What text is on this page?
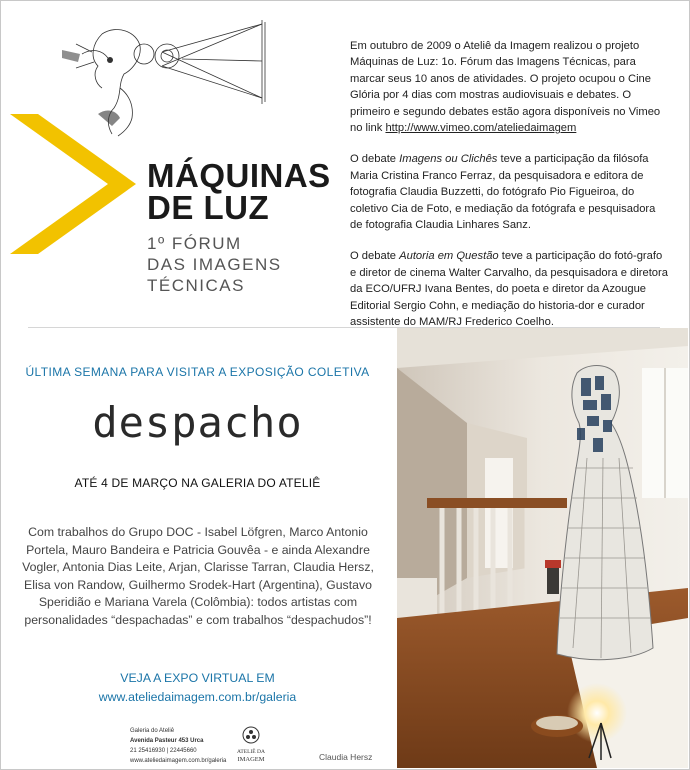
MÁQUINAS
DE LUZ
1º FÓRUM
DAS IMAGENS
TÉCNICAS

Em outubro de 2009 o Ateliê da Imagem realizou o projeto Máquinas de Luz: 1o. Fórum das Imagens Técnicas, para marcar seus 10 anos de atividades. O projeto ocupou o Cine Glória por 4 dias com mostras audiovisuais e debates. O primeiro e segundo debates estão agora disponíveis no Vimeo no link http://www.vimeo.com/ateliedaimagem

O debate Imagens ou Clichês teve a participação da filósofa Maria Cristina Franco Ferraz, da pesquisadora e editora de fotografia Claudia Buzzetti, do fotógrafo Pio Figueiroa, do coletivo Cia de Foto, e mediação da fotógrafa e pesquisadora de fotografia Claudia Linhares Sanz.

O debate Autoria em Questão teve a participação do fotó-grafo e diretor de cinema Walter Carvalho, da pesquisadora e diretora da ECO/UFRJ Ivana Bentes, do poeta e diretor da Azougue Editorial Sergio Cohn, e mediação do historia-dor e curador assistente do MAM/RJ Frederico Coelho.

ÚLTIMA SEMANA PARA VISITAR A EXPOSIÇÃO COLETIVA
despacho
ATÉ 4 DE MARÇO NA GALERIA DO ATELIÊ
Com trabalhos do Grupo DOC - Isabel Löfgren, Marco Antonio Portela, Mauro Bandeira e Patricia Gouvêa - e ainda Alexandre Vogler, Antonia Dias Leite, Arjan, Clarisse Tarran, Claudia Hersz, Elisa von Randow, Guilhermo Srodek-Hart (Argentina), Gustavo Speridião e Mariana Varela (Colômbia): todos artistas com personalidades “despachadas” e com trabalhos “despachudos”!
VEJA A EXPO VIRTUAL EM
www.ateliedaimagem.com.br/galeria
Galeria do Ateliê
Avenida Pasteur 453 Urca
21 25416930 | 22445660
www.ateliedaimagem.com.br/galeria
ATELIÊ DA
IMAGEM	Claudia Hersz
